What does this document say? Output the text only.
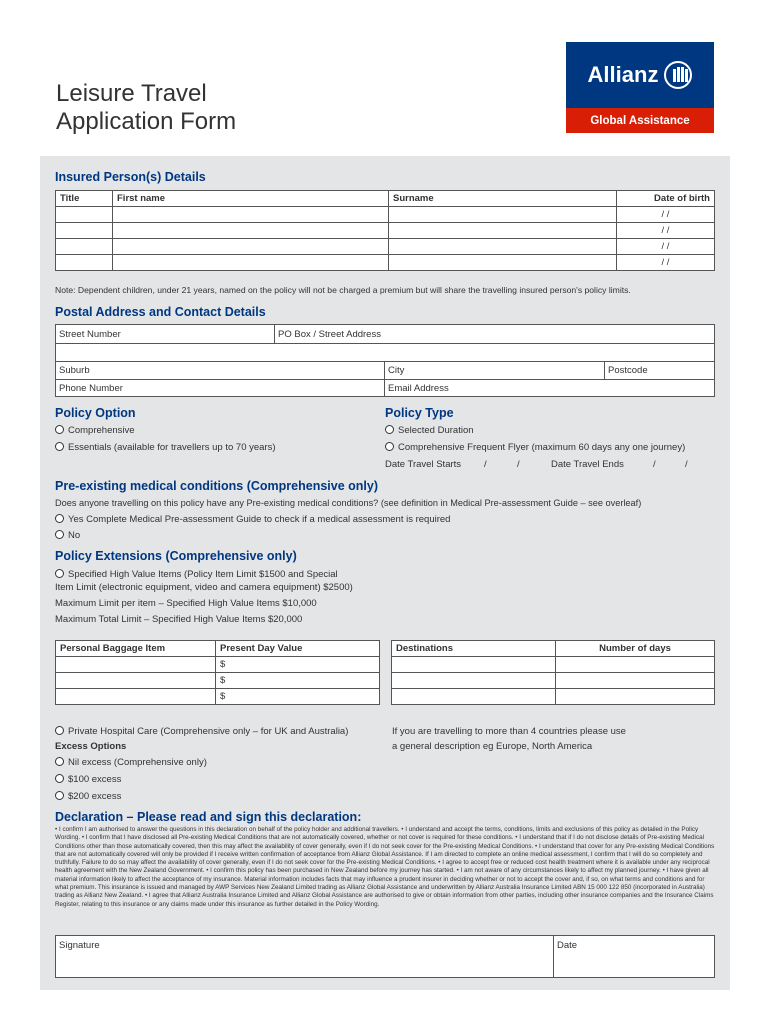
Leisure Travel
Application Form
Allianz
Global Assistance
Insured Person(s) Details
Title	First name	Surname	Date of birth
			/ /
			/ /
			/ /
			/ /
Note: Dependent children, under 21 years, named on the policy will not be charged a premium but will share the travelling insured person's policy limits.
Postal Address and Contact Details
Street Number	PO Box / Street Address
Suburb	City	Postcode
Phone Number	Email Address
Policy Option
Comprehensive
Essentials (available for travellers up to 70 years)
Policy Type
Selected Duration
Comprehensive Frequent Flyer (maximum 60 days any one journey)
Date Travel Starts /	/	Date Travel Ends	/	/
Pre-existing medical conditions (Comprehensive only)
Does anyone travelling on this policy have any Pre-existing medical conditions? (see definition in Medical Pre-assessment Guide – see overleaf)
Yes Complete Medical Pre-assessment Guide to check if a medical assessment is required
No
Policy Extensions (Comprehensive only)
Specified High Value Items (Policy Item Limit $1500 and Special
Item Limit (electronic equipment, video and camera equipment) $2500)
Maximum Limit per item – Specified High Value Items $10,000
Maximum Total Limit – Specified High Value Items $20,000
Personal Baggage Item	Present Day Value
	$
	$
	$
Destinations	Number of days

Private Hospital Care (Comprehensive only – for UK and Australia)	If you are travelling to more than 4 countries please use
a general description eg Europe, North America
Excess Options
Nil excess (Comprehensive only)
$100 excess
$200 excess
Declaration – Please read and sign this declaration:
• I confirm I am authorised to answer the questions in this declaration on behalf of the policy holder and additional travellers. • I understand and accept the terms, conditions, limits and exclusions of this policy as detailed in the Policy Wording. • I confirm that I have disclosed all Pre-existing Medical Conditions that are not automatically covered, whether or not cover is required for these conditions. • I understand that if I do not disclose details of Pre-existing Medical Conditions other than those automatically covered, then this may affect the availability of cover generally, even if I do not seek cover for the Pre-existing Medical Conditions. • I understand that cover for any Pre-existing Medical Conditions that are not automatically covered will only be provided if I receive written confirmation of acceptance from Allianz Global Assistance. If I am directed to complete an online medical assessment, I confirm that I will do so completely and truthfully. Failure to do so may affect the availability of cover generally, even if I do not seek cover for the Pre-existing Medical Conditions. • I agree to accept free or reduced cost health treatment where it is available under any reciprocal health agreement with the New Zealand Government. • I confirm this policy has been purchased in New Zealand before my journey has started. • I am not aware of any circumstances likely to affect my planned journey. • I have given all material information likely to affect the acceptance of my insurance. Material information includes facts that may influence a prudent insurer in deciding whether or not to accept the cover and, if so, on what terms and conditions and for what premium. This insurance is issued and managed by AWP Services New Zealand Limited trading as Allianz Global Assistance and underwritten by Allianz Australia Insurance Limited ABN 15 000 122 850 (incorporated in Australia) trading as Allianz New Zealand. • I agree that Allianz Australia Insurance Limited and Allianz Global Assistance are authorised to give or obtain information from other parties, including other insurance companies and the Insurance Claims Register, relating to this insurance or any claims made under this insurance as further detailed in the Policy Wording.
Signature	Date
